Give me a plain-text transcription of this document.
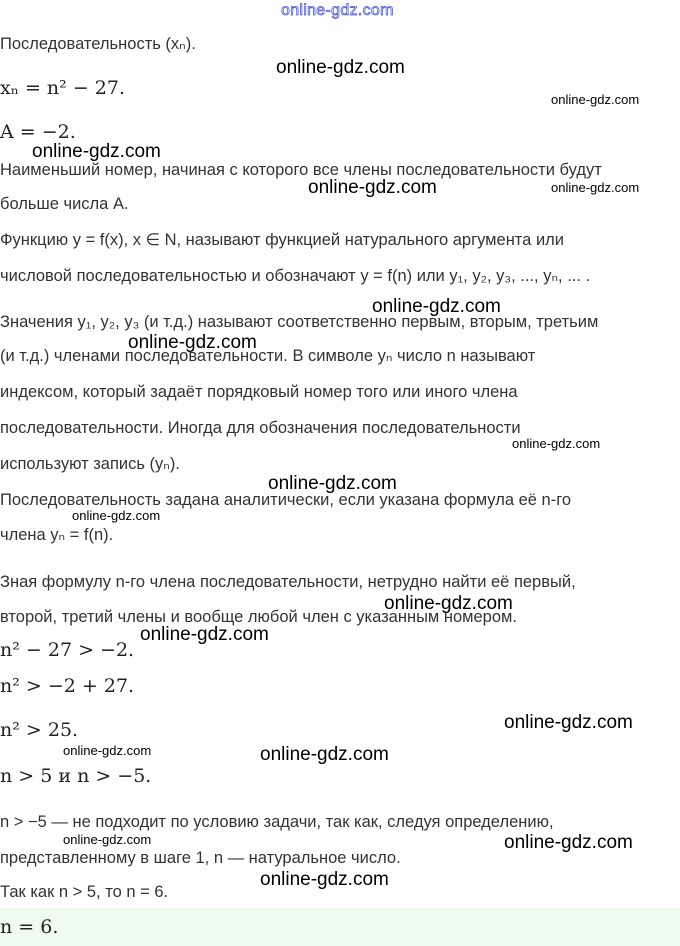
online-gdz.com
Последовательность (xₙ).
xₙ = n² − 27.
A = −2.
Наименьший номер, начиная с которого все члены последовательности будут
больше числа A.
Функцию y = f(x), x ∈ N, называют функцией натурального аргумента или
числовой последовательностью и обозначают y = f(n) или y₁, y₂, y₃, ..., yₙ, ... .
Значения y₁, y₂, y₃ (и т.д.) называют соответственно первым, вторым, третьим
(и т.д.) членами последовательности. В символе yₙ число n называют
индексом, который задаёт порядковый номер того или иного члена
последовательности. Иногда для обозначения последовательности
используют запись (yₙ).
Последовательность задана аналитически, если указана формула её n-го
члена yₙ = f(n).
Зная формулу n-го члена последовательности, нетрудно найти её первый,
второй, третий члены и вообще любой член с указанным номером.
n² − 27 > −2.
n² > −2 + 27.
n² > 25.
n > 5 и n > −5.
n > −5 — не подходит по условию задачи, так как, следуя определению,
представленному в шаге 1, n — натуральное число.
Так как n > 5, то n = 6.
n = 6.
online-gdz.com
online-gdz.com
online-gdz.com
online-gdz.com	online-gdz.com
online-gdz.com
online-gdz.com
online-gdz.com
online-gdz.com
online-gdz.com
online-gdz.com
online-gdz.com
online-gdz.com
online-gdz.com	online-gdz.com
online-gdz.com	online-gdz.com
online-gdz.com
